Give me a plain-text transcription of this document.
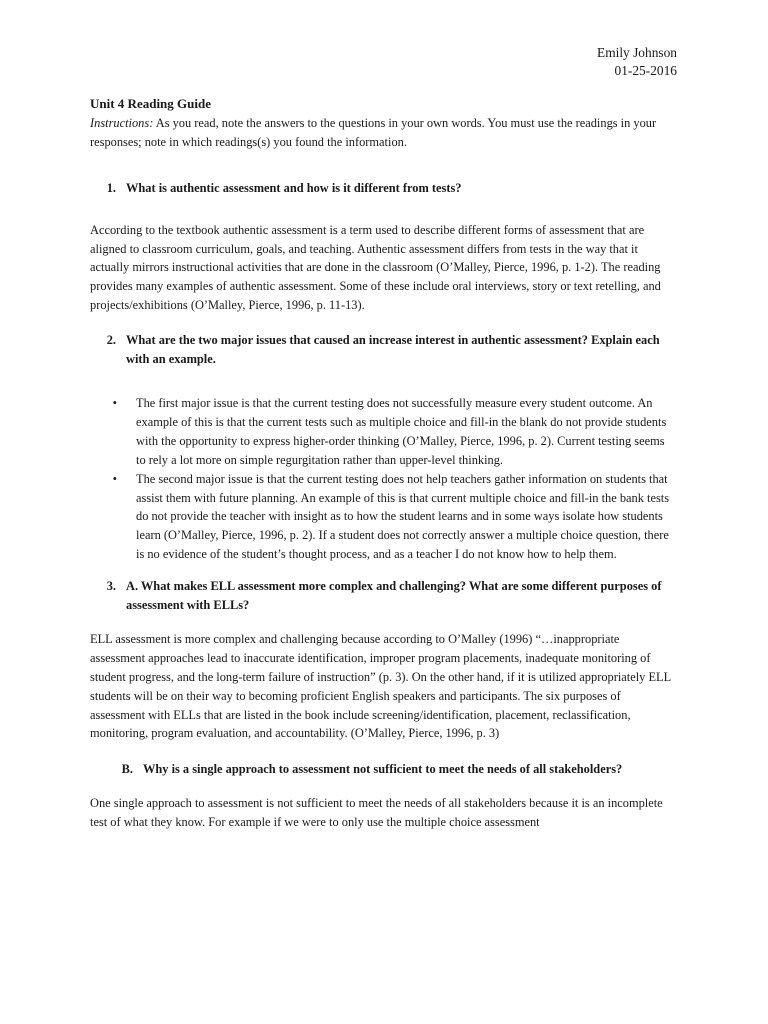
Emily Johnson
01-25-2016
Unit 4 Reading Guide

Instructions: As you read, note the answers to the questions in your own words. You must use the readings in your responses; note in which readings(s) you found the information.

1. What is authentic assessment and how is it different from tests?

According to the textbook authentic assessment is a term used to describe different forms of assessment that are aligned to classroom curriculum, goals, and teaching. Authentic assessment differs from tests in the way that it actually mirrors instructional activities that are done in the classroom (O’Malley, Pierce, 1996, p. 1-2). The reading provides many examples of authentic assessment. Some of these include oral interviews, story or text retelling, and projects/exhibitions (O’Malley, Pierce, 1996, p. 11-13).

2. What are the two major issues that caused an increase interest in authentic assessment? Explain each with an example.
•	The first major issue is that the current testing does not successfully measure every student outcome. An example of this is that the current tests such as multiple choice and fill-in the blank do not provide students with the opportunity to express higher-order thinking (O’Malley, Pierce, 1996, p. 2). Current testing seems to rely a lot more on simple regurgitation rather than upper-level thinking.
•	The second major issue is that the current testing does not help teachers gather information on students that assist them with future planning. An example of this is that current multiple choice and fill-in the bank tests do not provide the teacher with insight as to how the student learns and in some ways isolate how students learn (O’Malley, Pierce, 1996, p. 2). If a student does not correctly answer a multiple choice question, there is no evidence of the student’s thought process, and as a teacher I do not know how to help them.
3. A. What makes ELL assessment more complex and challenging? What are some different purposes of assessment with ELLs?

ELL assessment is more complex and challenging because according to O’Malley (1996) “…inappropriate assessment approaches lead to inaccurate identification, improper program placements, inadequate monitoring of student progress, and the long-term failure of instruction” (p. 3). On the other hand, if it is utilized appropriately ELL students will be on their way to becoming proficient English speakers and participants. The six purposes of assessment with ELLs that are listed in the book include screening/identification, placement, reclassification, monitoring, program evaluation, and accountability. (O’Malley, Pierce, 1996, p. 3)

B. Why is a single approach to assessment not sufficient to meet the needs of all stakeholders?

One single approach to assessment is not sufficient to meet the needs of all stakeholders because it is an incomplete test of what they know. For example if we were to only use the multiple choice assessment
